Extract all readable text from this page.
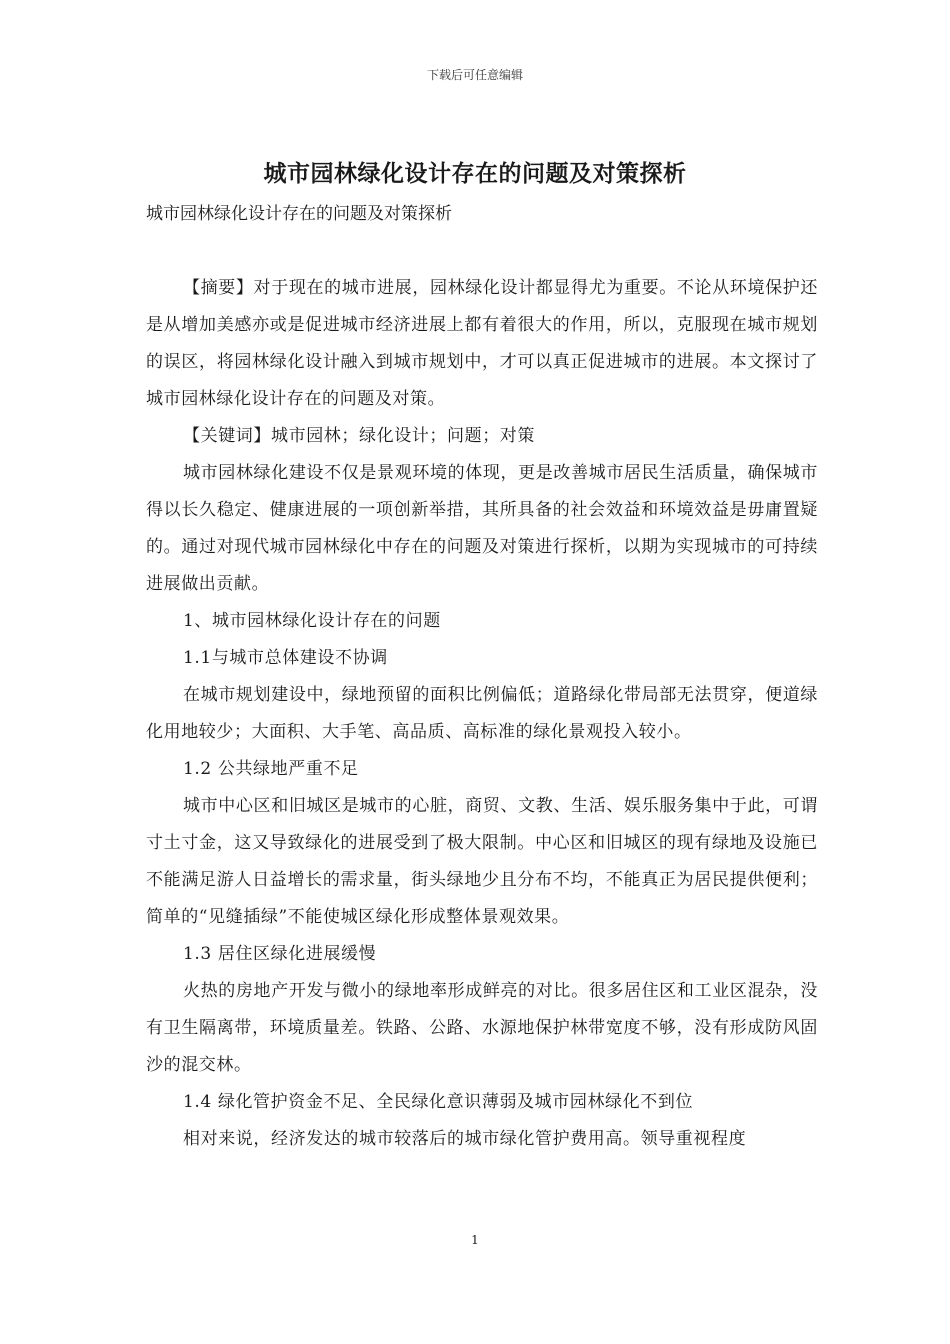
下载后可任意编辑
城市园林绿化设计存在的问题及对策探析
城市园林绿化设计存在的问题及对策探析

【摘要】对于现在的城市进展，园林绿化设计都显得尤为重要。不论从环境保护还是从增加美感亦或是促进城市经济进展上都有着很大的作用，所以，克服现在城市规划的误区，将园林绿化设计融入到城市规划中，才可以真正促进城市的进展。本文探讨了城市园林绿化设计存在的问题及对策。

【关键词】城市园林；绿化设计；问题；对策

城市园林绿化建设不仅是景观环境的体现，更是改善城市居民生活质量，确保城市得以长久稳定、健康进展的一项创新举措，其所具备的社会效益和环境效益是毋庸置疑的。通过对现代城市园林绿化中存在的问题及对策进行探析，以期为实现城市的可持续进展做出贡献。

1、城市园林绿化设计存在的问题

1.1与城市总体建设不协调

在城市规划建设中，绿地预留的面积比例偏低；道路绿化带局部无法贯穿，便道绿化用地较少；大面积、大手笔、高品质、高标准的绿化景观投入较小。

1.2 公共绿地严重不足

城市中心区和旧城区是城市的心脏，商贸、文教、生活、娱乐服务集中于此，可谓寸土寸金，这又导致绿化的进展受到了极大限制。中心区和旧城区的现有绿地及设施已不能满足游人日益增长的需求量，街头绿地少且分布不均，不能真正为居民提供便利；简单的“见缝插绿”不能使城区绿化形成整体景观效果。

1.3 居住区绿化进展缓慢

火热的房地产开发与微小的绿地率形成鲜亮的对比。很多居住区和工业区混杂，没有卫生隔离带，环境质量差。铁路、公路、水源地保护林带宽度不够，没有形成防风固沙的混交林。

1.4 绿化管护资金不足、全民绿化意识薄弱及城市园林绿化不到位

相对来说，经济发达的城市较落后的城市绿化管护费用高。领导重视程度

1
